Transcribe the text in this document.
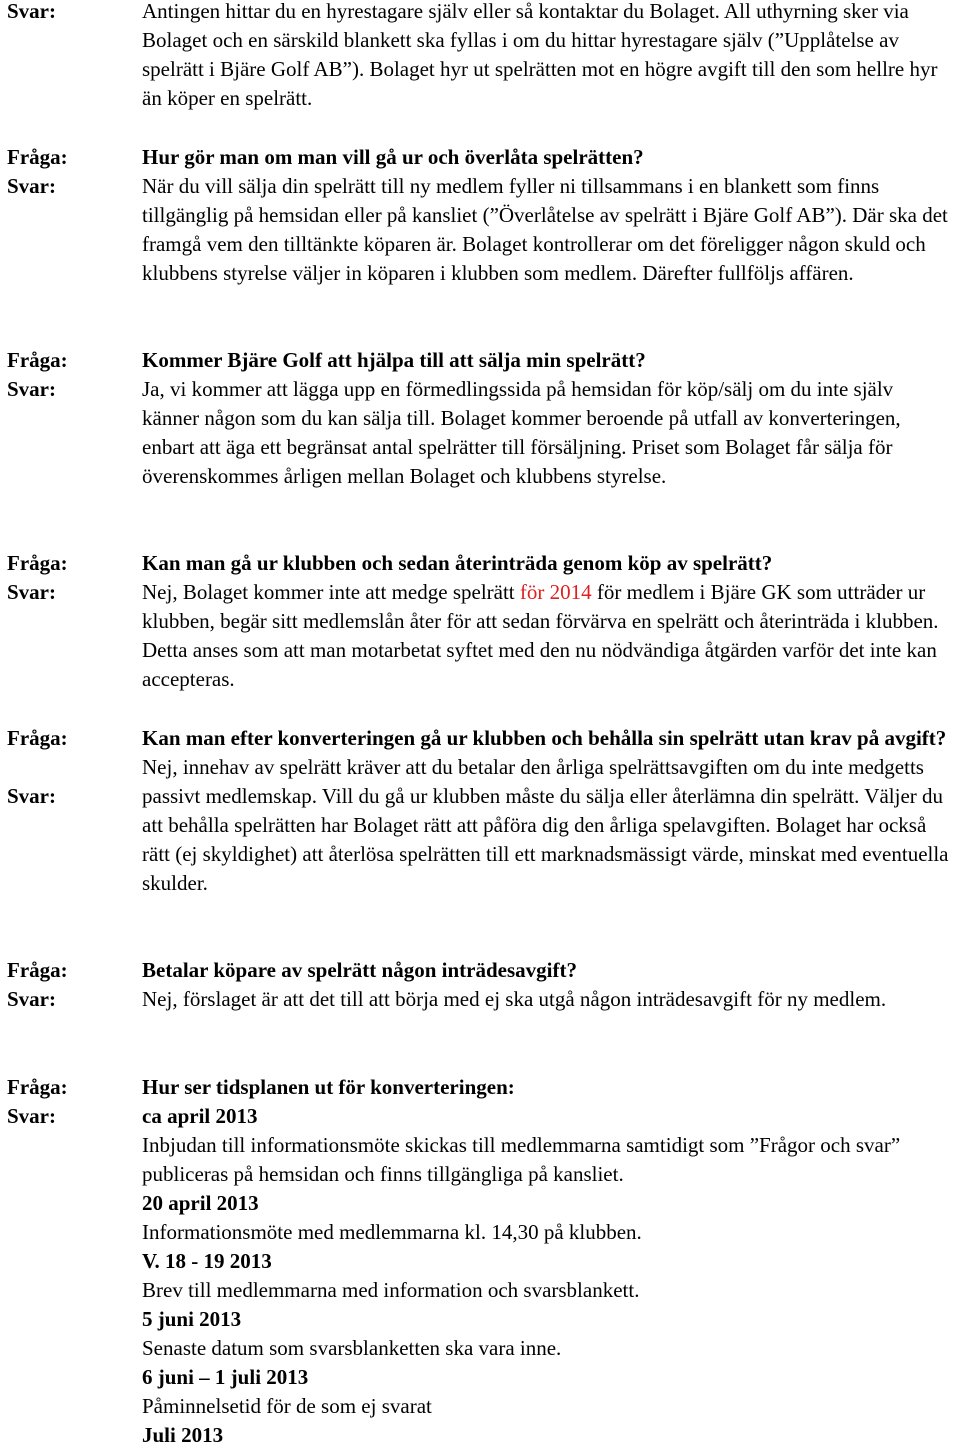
Svar:	Antingen hittar du en hyrestagare själv eller så kontaktar du Bolaget. All uthyrning sker via Bolaget och en särskild blankett ska fyllas i om du hittar hyrestagare själv (”Upplåtelse av spelrätt i Bjäre Golf AB”). Bolaget hyr ut spelrätten mot en högre avgift till den som hellre hyr än köper en spelrätt.
Fråga:
Svar:

Hur gör man om man vill gå ur och överlåta spelrätten?

När du vill sälja din spelrätt till ny medlem fyller ni tillsammans i en blankett som finns tillgänglig på hemsidan eller på kansliet (”Överlåtelse av spelrätt i Bjäre Golf AB”). Där ska det framgå vem den tilltänkte köparen är. Bolaget kontrollerar om det föreligger någon skuld och klubbens styrelse väljer in köparen i klubben som medlem. Därefter fullföljs affären.

Fråga:
Svar:

Kommer Bjäre Golf att hjälpa till att sälja min spelrätt?

Ja, vi kommer att lägga upp en förmedlingssida på hemsidan för köp/sälj om du inte själv känner någon som du kan sälja till. Bolaget kommer beroende på utfall av konverteringen, enbart att äga ett begränsat antal spelrätter till försäljning. Priset som Bolaget får sälja för överenskommes årligen mellan Bolaget och klubbens styrelse.

Fråga:
Svar:

Kan man gå ur klubben och sedan återinträda genom köp av spelrätt?

Nej, Bolaget kommer inte att medge spelrätt för 2014 för medlem i Bjäre GK som utträder ur klubben, begär sitt medlemslån åter för att sedan förvärva en spelrätt och återinträda i klubben. Detta anses som att man motarbetat syftet med den nu nödvändiga åtgärden varför det inte kan accepteras.

Fråga:
Svar:

Kan man efter konverteringen gå ur klubben och behålla sin spelrätt utan krav på avgift?

Nej, innehav av spelrätt kräver att du betalar den årliga spelrättsavgiften om du inte medgetts passivt medlemskap. Vill du gå ur klubben måste du sälja eller återlämna din spelrätt. Väljer du att behålla spelrätten har Bolaget rätt att påföra dig den årliga spelavgiften. Bolaget har också rätt (ej skyldighet) att återlösa spelrätten till ett marknadsmässigt värde, minskat med eventuella skulder.

Fråga:
Svar:

Betalar köpare av spelrätt någon inträdesavgift?

Nej, förslaget är att det till att börja med ej ska utgå någon inträdesavgift för ny medlem.

Fråga:
Svar:

Hur ser tidsplanen ut för konverteringen:

ca april 2013

Inbjudan till informationsmöte skickas till medlemmarna samtidigt som ”Frågor och svar” publiceras på hemsidan och finns tillgängliga på kansliet.

20 april 2013

Informationsmöte med medlemmarna kl. 14,30 på klubben.

V. 18 - 19 2013

Brev till medlemmarna med information och svarsblankett.

5 juni 2013

Senaste datum som svarsblanketten ska vara inne.

6 juni – 1 juli 2013

Påminnelsetid för de som ej svarat

Juli 2013
